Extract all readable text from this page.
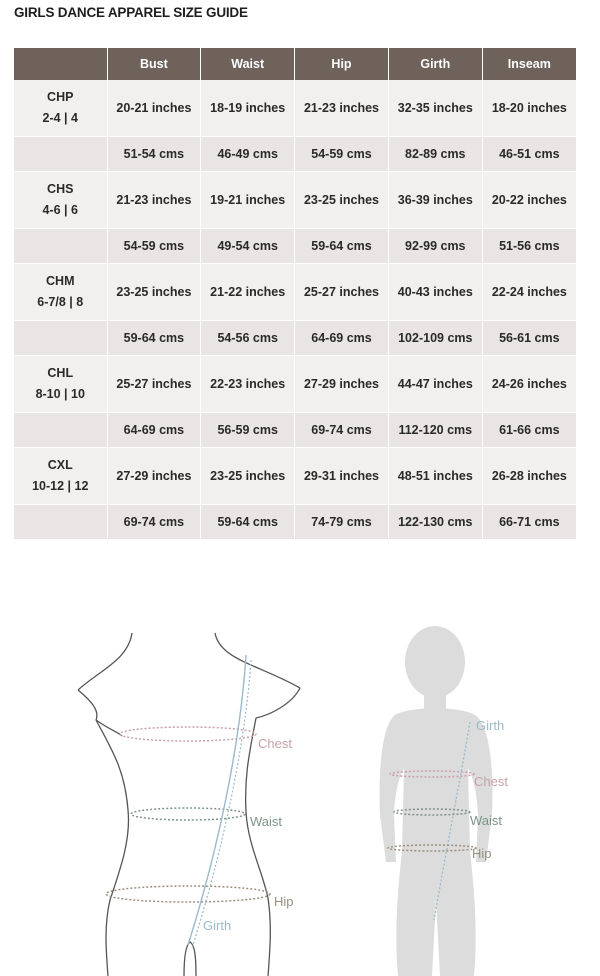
GIRLS DANCE APPAREL SIZE GUIDE
	Bust	Waist	Hip	Girth	Inseam
CHP
2-4 | 4	20-21 inches	18-19 inches	21-23 inches	32-35 inches	18-20 inches
	51-54 cms	46-49 cms	54-59 cms	82-89 cms	46-51 cms
CHS
4-6 | 6	21-23 inches	19-21 inches	23-25 inches	36-39 inches	20-22 inches
	54-59 cms	49-54 cms	59-64 cms	92-99 cms	51-56 cms
CHM
6-7/8 | 8	23-25 inches	21-22 inches	25-27 inches	40-43 inches	22-24 inches
	59-64 cms	54-56 cms	64-69 cms	102-109 cms	56-61 cms
CHL
8-10 | 10	25-27 inches	22-23 inches	27-29 inches	44-47 inches	24-26 inches
	64-69 cms	56-59 cms	69-74 cms	112-120 cms	61-66 cms
CXL
10-12 | 12	27-29 inches	23-25 inches	29-31 inches	48-51 inches	26-28 inches
	69-74 cms	59-64 cms	74-79 cms	122-130 cms	66-71 cms
Chest
Waist
Hip
Girth
Girth
Chest
Waist
Hip
